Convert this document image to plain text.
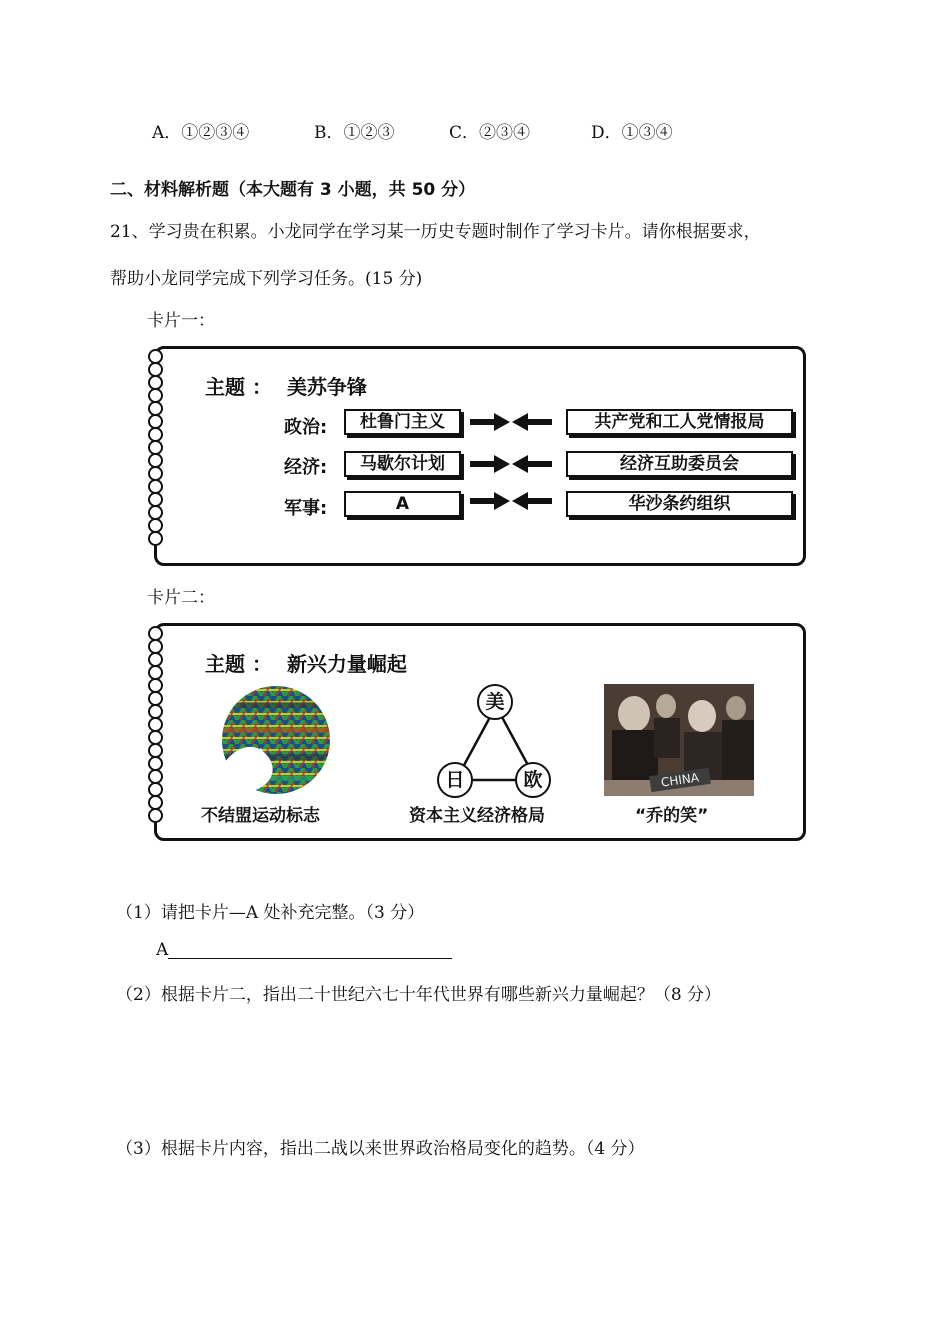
A．①②③④	B．①②③	C．②③④	D．①③④
二、材料解析题（本大题有 3 小题，共 50 分）
21、学习贵在积累。小龙同学在学习某一历史专题时制作了学习卡片。请你根据要求，
帮助小龙同学完成下列学习任务。(15 分)
卡片一：
主题 ： 美苏争锋
政治:	杜鲁门主义	共产党和工人党情报局
经济:	马歇尔计划	经济互助委员会
军事:	A	华沙条约组织
卡片二：
主题 ： 新兴力量崛起
美
日	欧	CHINA
不结盟运动标志	资本主义经济格局	“乔的笑”
（1）请把卡片—A 处补充完整。（3 分）
A
（2）根据卡片二，指出二十世纪六七十年代世界有哪些新兴力量崛起？（8 分）
（3）根据卡片内容，指出二战以来世界政治格局变化的趋势。（4 分）
